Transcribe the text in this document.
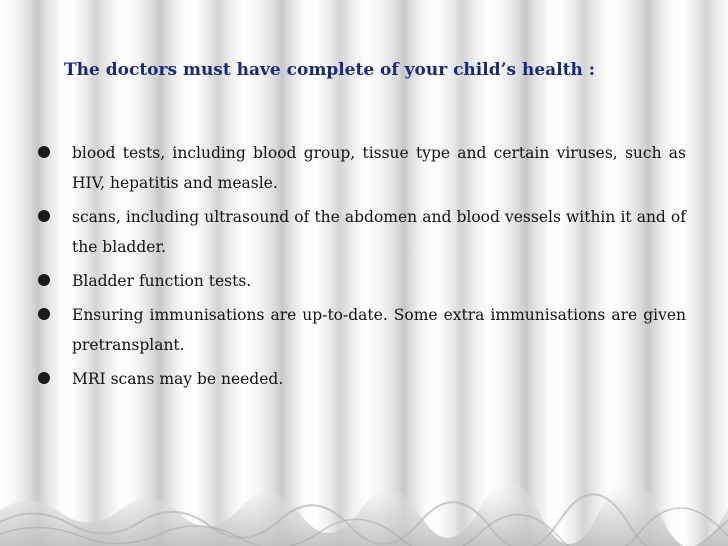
The doctors must have complete of your child’s health :
blood tests, including blood group, tissue type and certain viruses, such as HIV, hepatitis and measle.
scans, including ultrasound of the abdomen and blood vessels within it and of the bladder.
Bladder function tests.
Ensuring immunisations are up-to-date. Some extra immunisations are given pretransplant.
MRI scans may be needed.
